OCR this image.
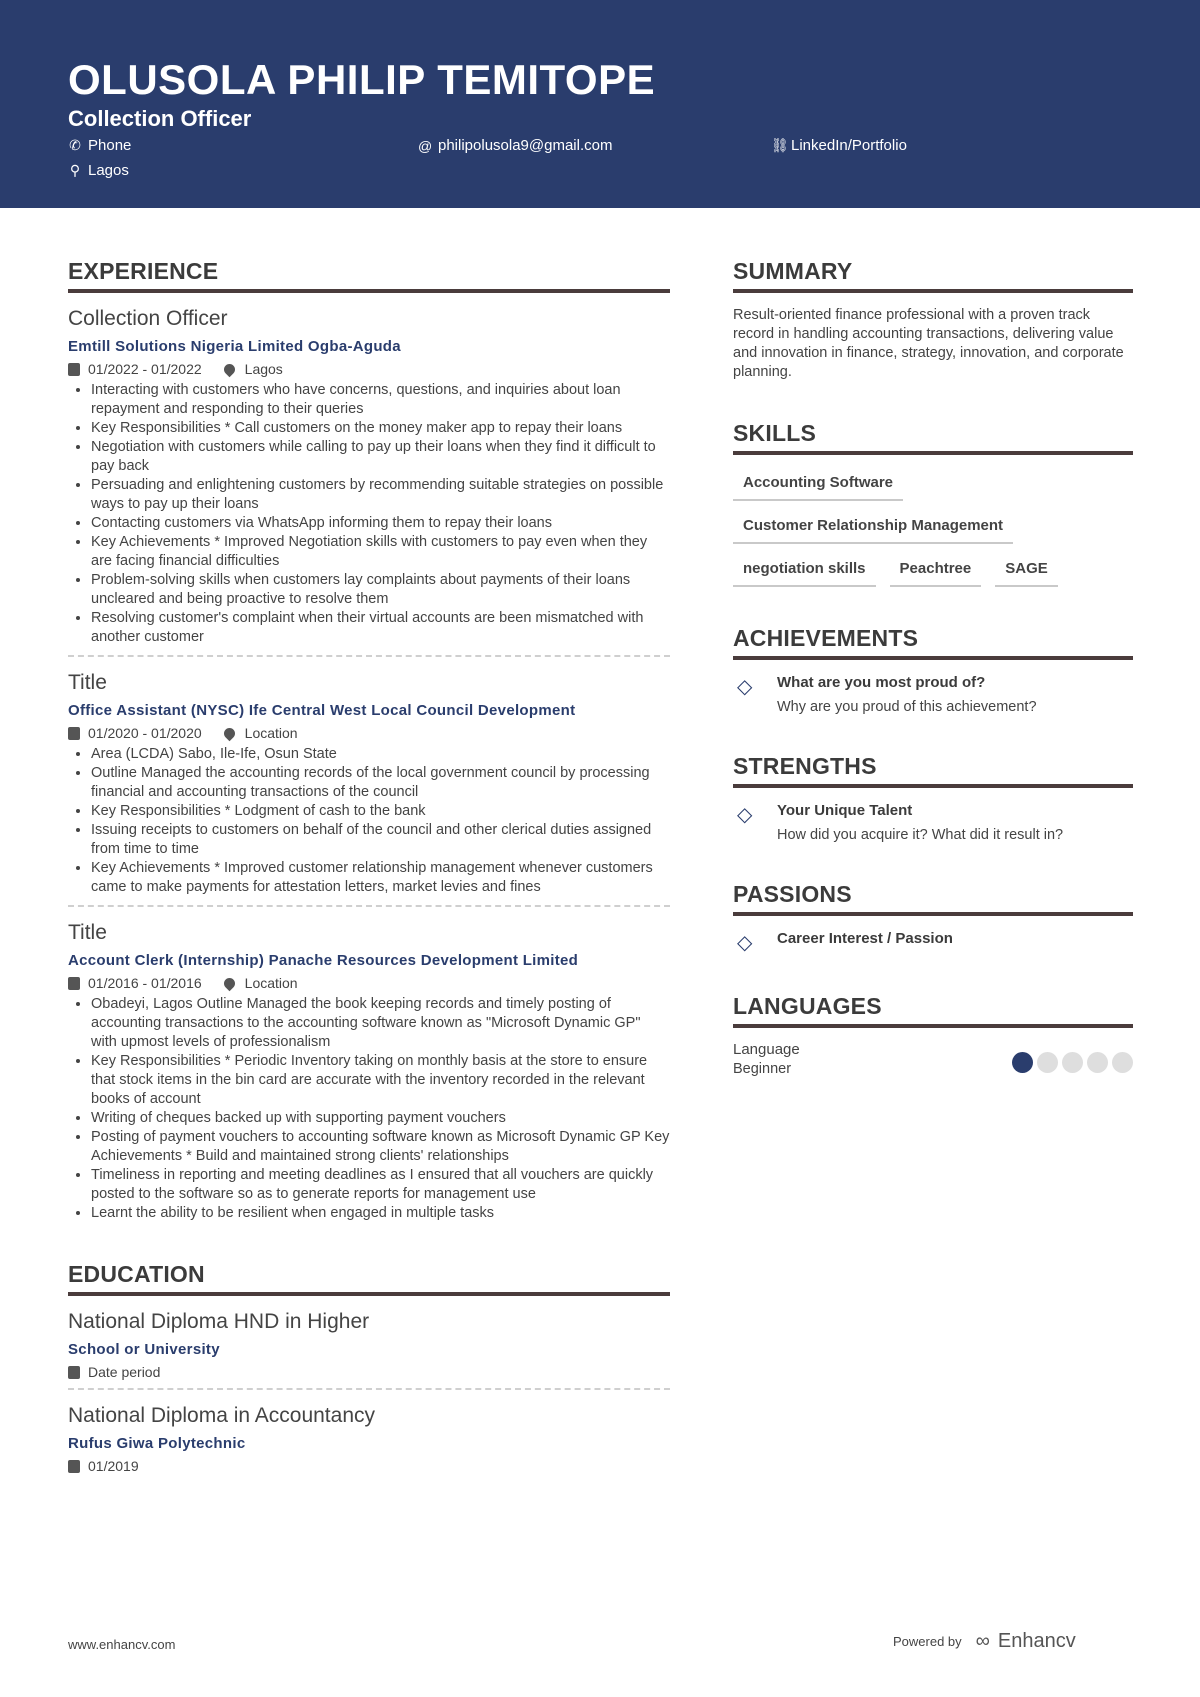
OLUSOLA PHILIP TEMITOPE
Collection Officer
✆ Phone	@ philipolusola9@gmail.com	⛓ LinkedIn/Portfolio
⚲ Lagos
EXPERIENCE
Collection Officer
Emtill Solutions Nigeria Limited Ogba-Aguda
01/2022 - 01/2022	Lagos
• Interacting with customers who have concerns, questions, and inquiries about loan repayment and responding to their queries
• Key Responsibilities * Call customers on the money maker app to repay their loans
• Negotiation with customers while calling to pay up their loans when they find it difficult to pay back
• Persuading and enlightening customers by recommending suitable strategies on possible ways to pay up their loans
• Contacting customers via WhatsApp informing them to repay their loans
• Key Achievements * Improved Negotiation skills with customers to pay even when they are facing financial difficulties
• Problem-solving skills when customers lay complaints about payments of their loans uncleared and being proactive to resolve them
• Resolving customer's complaint when their virtual accounts are been mismatched with another customer
Title
Office Assistant (NYSC) Ife Central West Local Council Development
01/2020 - 01/2020	Location
• Area (LCDA) Sabo, Ile-Ife, Osun State
• Outline Managed the accounting records of the local government council by processing financial and accounting transactions of the council
• Key Responsibilities * Lodgment of cash to the bank
• Issuing receipts to customers on behalf of the council and other clerical duties assigned from time to time
• Key Achievements * Improved customer relationship management whenever customers came to make payments for attestation letters, market levies and fines
Title
Account Clerk (Internship) Panache Resources Development Limited
01/2016 - 01/2016	Location
• Obadeyi, Lagos Outline Managed the book keeping records and timely posting of accounting transactions to the accounting software known as "Microsoft Dynamic GP" with upmost levels of professionalism
• Key Responsibilities * Periodic Inventory taking on monthly basis at the store to ensure that stock items in the bin card are accurate with the inventory recorded in the relevant books of account
• Writing of cheques backed up with supporting payment vouchers
• Posting of payment vouchers to accounting software known as Microsoft Dynamic GP Key Achievements * Build and maintained strong clients' relationships
• Timeliness in reporting and meeting deadlines as I ensured that all vouchers are quickly posted to the software so as to generate reports for management use
• Learnt the ability to be resilient when engaged in multiple tasks
EDUCATION
National Diploma HND in Higher
School or University
Date period
National Diploma in Accountancy
Rufus Giwa Polytechnic
01/2019
SUMMARY
Result-oriented finance professional with a proven track record in handling accounting transactions, delivering value and innovation in finance, strategy, innovation, and corporate planning.
SKILLS
Accounting Software
Customer Relationship Management
negotiation skills	Peachtree	SAGE
ACHIEVEMENTS
◇	What are you most proud of?
Why are you proud of this achievement?
STRENGTHS
◇	Your Unique Talent
How did you acquire it? What did it result in?
PASSIONS
◇	Career Interest / Passion
LANGUAGES
Language
Beginner
www.enhancv.com	Powered by ∞ Enhancv
